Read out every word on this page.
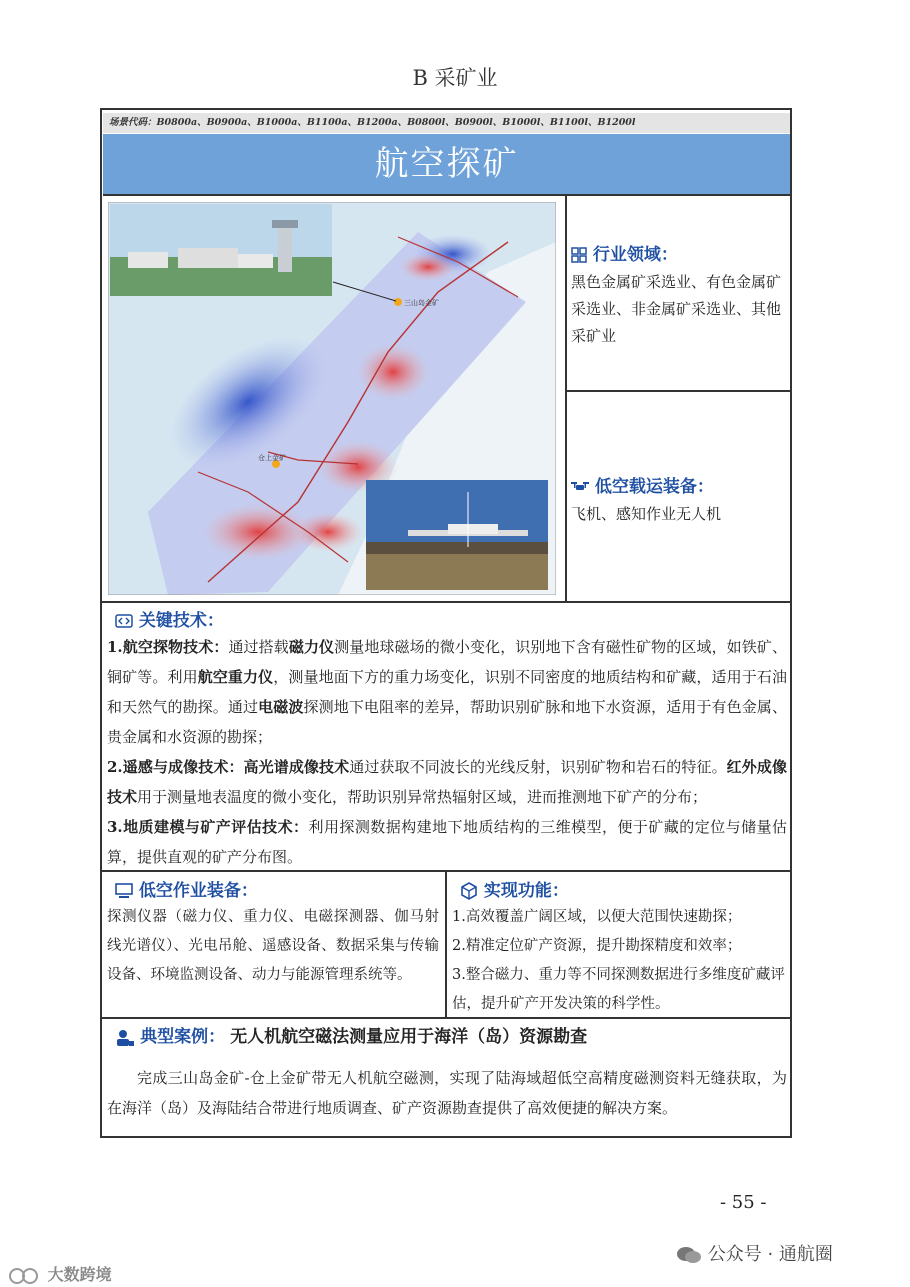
B 采矿业
场景代码：B0800a、B0900a、B1000a、B1100a、B1200a、B0800l、B0900l、B1000l、B1100l、B1200l
航空探矿
三山岛金矿
仓上金矿
行业领域：
黑色金属矿采选业、有色金属矿采选业、非金属矿采选业、其他采矿业
低空载运装备：
飞机、感知作业无人机
关键技术：
1.航空探物技术：通过搭载磁力仪测量地球磁场的微小变化，识别地下含有磁性矿物的区域，如铁矿、铜矿等。利用航空重力仪，测量地面下方的重力场变化，识别不同密度的地质结构和矿藏，适用于石油和天然气的勘探。通过电磁波探测地下电阻率的差异，帮助识别矿脉和地下水资源，适用于有色金属、贵金属和水资源的勘探；
2.遥感与成像技术：高光谱成像技术通过获取不同波长的光线反射，识别矿物和岩石的特征。红外成像技术用于测量地表温度的微小变化，帮助识别异常热辐射区域，进而推测地下矿产的分布；
3.地质建模与矿产评估技术：利用探测数据构建地下地质结构的三维模型，便于矿藏的定位与储量估算，提供直观的矿产分布图。
低空作业装备：
探测仪器（磁力仪、重力仪、电磁探测器、伽马射线光谱仪）、光电吊舱、遥感设备、数据采集与传输设备、环境监测设备、动力与能源管理系统等。
实现功能：
1.高效覆盖广阔区域，以便大范围快速勘探；
2.精准定位矿产资源，提升勘探精度和效率；
3.整合磁力、重力等不同探测数据进行多维度矿藏评估，提升矿产开发决策的科学性。
典型案例： 无人机航空磁法测量应用于海洋（岛）资源勘查
完成三山岛金矿-仓上金矿带无人机航空磁测，实现了陆海域超低空高精度磁测资料无缝获取，为在海洋（岛）及海陆结合带进行地质调查、矿产资源勘查提供了高效便捷的解决方案。
- 55 -
公众号 · 通航圈
大数跨境
